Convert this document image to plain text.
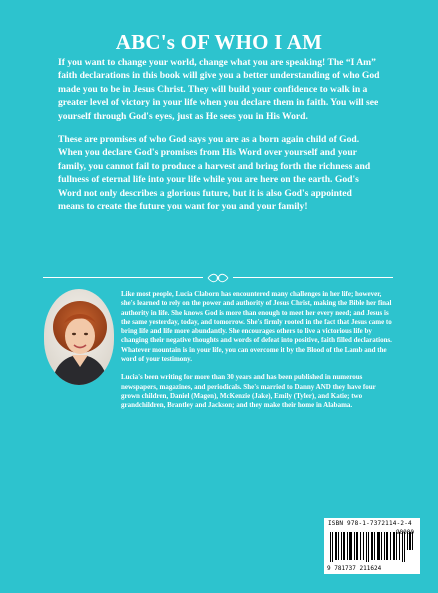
ABC's OF WHO I AM

If you want to change your world, change what you are speaking! The “I Am” faith declarations in this book will give you a better understanding of who God made you to be in Jesus Christ. They will build your confidence to walk in a greater level of victory in your life when you declare them in faith. You will see yourself through God's eyes, just as He sees you in His Word.

These are promises of who God says you are as a born again child of God. When you declare God's promises from His Word over yourself and your family, you cannot fail to produce a harvest and bring forth the richness and fullness of eternal life into your life while you are here on the earth. God's Word not only describes a glorious future, but it is also God's appointed means to create the future you want for you and your family!

Like most people, Lucia Claborn has encountered many challenges in her life; however, she's learned to rely on the power and authority of Jesus Christ, making the Bible her final authority in life. She knows God is more than enough to meet her every need; and Jesus is the same yesterday, today, and tomorrow. She's firmly rooted in the fact that Jesus came to bring life and life more abundantly. She encourages others to live a victorious life by changing their negative thoughts and words of defeat into positive, faith filled declarations. Whatever mountain is in your life, you can overcome it by the Blood of the Lamb and the word of your testimony.

Lucia's been writing for more than 30 years and has been published in numerous newspapers, magazines, and periodicals. She's married to Danny AND they have four grown children, Daniel (Magen), McKenzie (Jake), Emily (Tyler), and Katie; two grandchildren, Brantley and Jackson; and they make their home in Alabama.

ISBN 978-1-7372114-2-4
9 781737 211624
